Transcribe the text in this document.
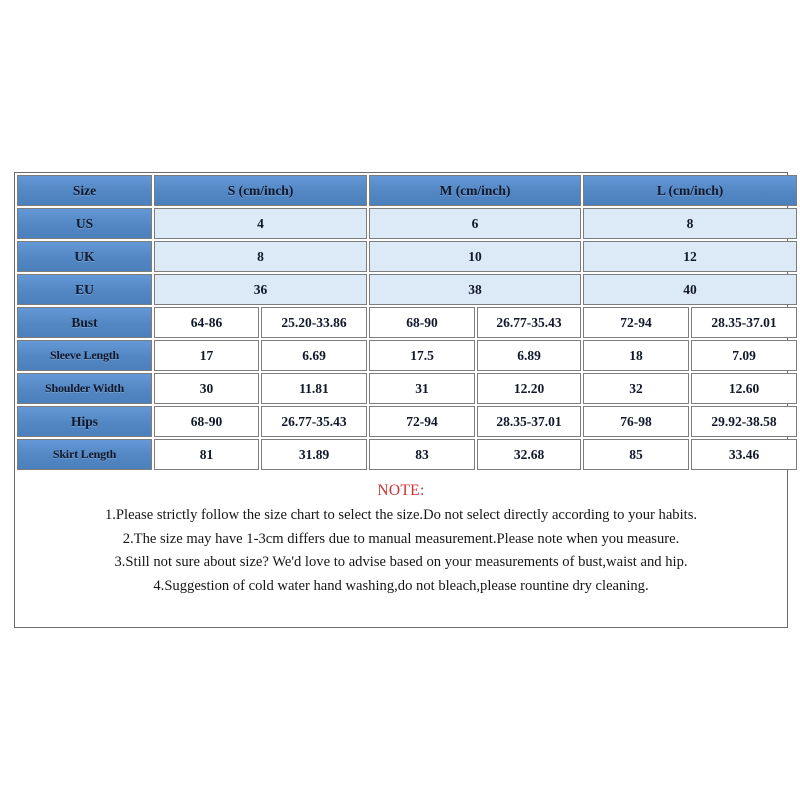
Size	S (cm/inch)		M (cm/inch)		L (cm/inch)	
US	4		6		8	
UK	8		10		12	
EU	36		38		40	
Bust	64-86	25.20-33.86	68-90	26.77-35.43	72-94	28.35-37.01
Sleeve Length	17	6.69	17.5	6.89	18	7.09
Shoulder Width	30	11.81	31	12.20	32	12.60
Hips	68-90	26.77-35.43	72-94	28.35-37.01	76-98	29.92-38.58
Skirt Length	81	31.89	83	32.68	85	33.46
NOTE:

1.Please strictly follow the size chart to select the size.Do not select directly according to your habits.

2.The size may have 1-3cm differs due to manual measurement.Please note when you measure.

3.Still not sure about size? We'd love to advise based on your measurements of bust,waist and hip.

4.Suggestion of cold water hand washing,do not bleach,please rountine dry cleaning.
